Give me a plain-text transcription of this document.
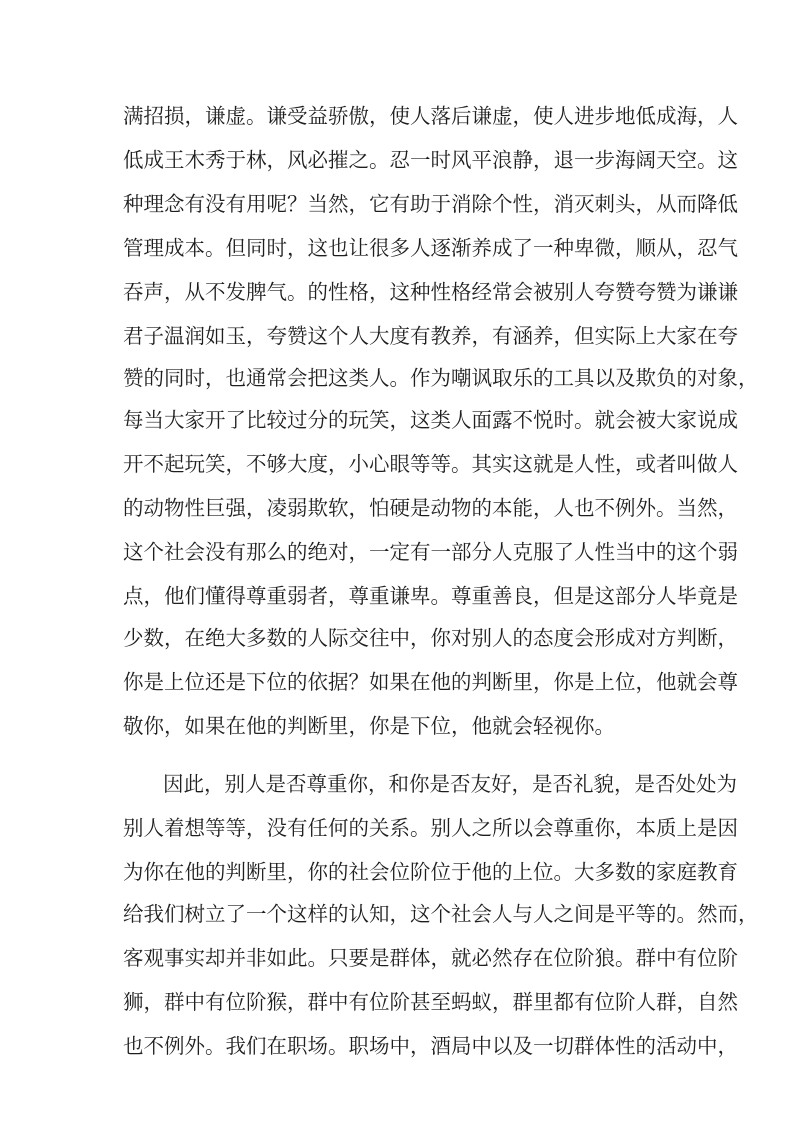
满招损，谦虚。谦受益骄傲，使人落后谦虚，使人进步地低成海，人
低成王木秀于林，风必摧之。忍一时风平浪静，退一步海阔天空。这
种理念有没有用呢？当然，它有助于消除个性，消灭刺头，从而降低
管理成本。但同时，这也让很多人逐渐养成了一种卑微，顺从，忍气
吞声，从不发脾气。的性格，这种性格经常会被别人夸赞夸赞为谦谦
君子温润如玉，夸赞这个人大度有教养，有涵养，但实际上大家在夸
赞的同时，也通常会把这类人。作为嘲讽取乐的工具以及欺负的对象，
每当大家开了比较过分的玩笑，这类人面露不悦时。就会被大家说成
开不起玩笑，不够大度，小心眼等等。其实这就是人性，或者叫做人
的动物性巨强，凌弱欺软，怕硬是动物的本能，人也不例外。当然，
这个社会没有那么的绝对，一定有一部分人克服了人性当中的这个弱
点，他们懂得尊重弱者，尊重谦卑。尊重善良，但是这部分人毕竟是
少数，在绝大多数的人际交往中，你对别人的态度会形成对方判断，
你是上位还是下位的依据？如果在他的判断里，你是上位，他就会尊
敬你，如果在他的判断里，你是下位，他就会轻视你。
因此，别人是否尊重你，和你是否友好，是否礼貌，是否处处为
别人着想等等，没有任何的关系。别人之所以会尊重你，本质上是因
为你在他的判断里，你的社会位阶位于他的上位。大多数的家庭教育
给我们树立了一个这样的认知，这个社会人与人之间是平等的。然而，
客观事实却并非如此。只要是群体，就必然存在位阶狼。群中有位阶
狮，群中有位阶猴，群中有位阶甚至蚂蚁，群里都有位阶人群，自然
也不例外。我们在职场。职场中，酒局中以及一切群体性的活动中，
